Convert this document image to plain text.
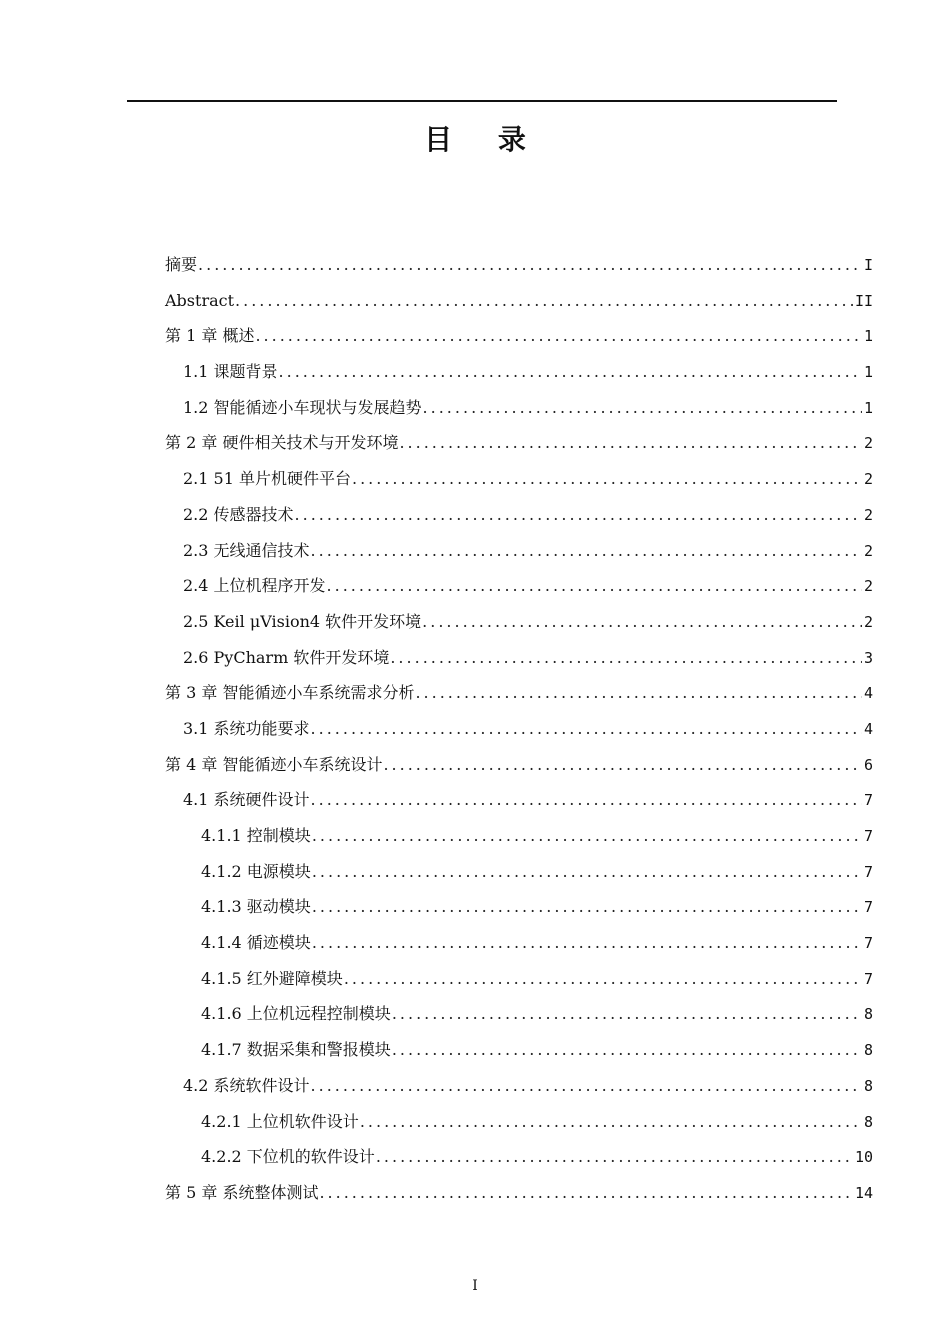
目 录
摘要 .....	I
Abstract .....	II
第 1 章 概述 .....	1
1.1 课题背景 .....	1
1.2 智能循迹小车现状与发展趋势 .....	1
第 2 章 硬件相关技术与开发环境 .....	2
2.1 51 单片机硬件平台 .....	2
2.2 传感器技术 .....	2
2.3 无线通信技术 .....	2
2.4 上位机程序开发 .....	2
2.5 Keil μVision4 软件开发环境 .....	2
2.6 PyCharm 软件开发环境 .....	3
第 3 章 智能循迹小车系统需求分析 .....	4
3.1 系统功能要求 .....	4
第 4 章 智能循迹小车系统设计 .....	6
4.1 系统硬件设计 .....	7
4.1.1 控制模块 .....	7
4.1.2 电源模块 .....	7
4.1.3 驱动模块 .....	7
4.1.4 循迹模块 .....	7
4.1.5 红外避障模块 .....	7
4.1.6 上位机远程控制模块 .....	8
4.1.7 数据采集和警报模块 .....	8
4.2 系统软件设计 .....	8
4.2.1 上位机软件设计 .....	8
4.2.2 下位机的软件设计 .....	10
第 5 章 系统整体测试 .....	14
I
